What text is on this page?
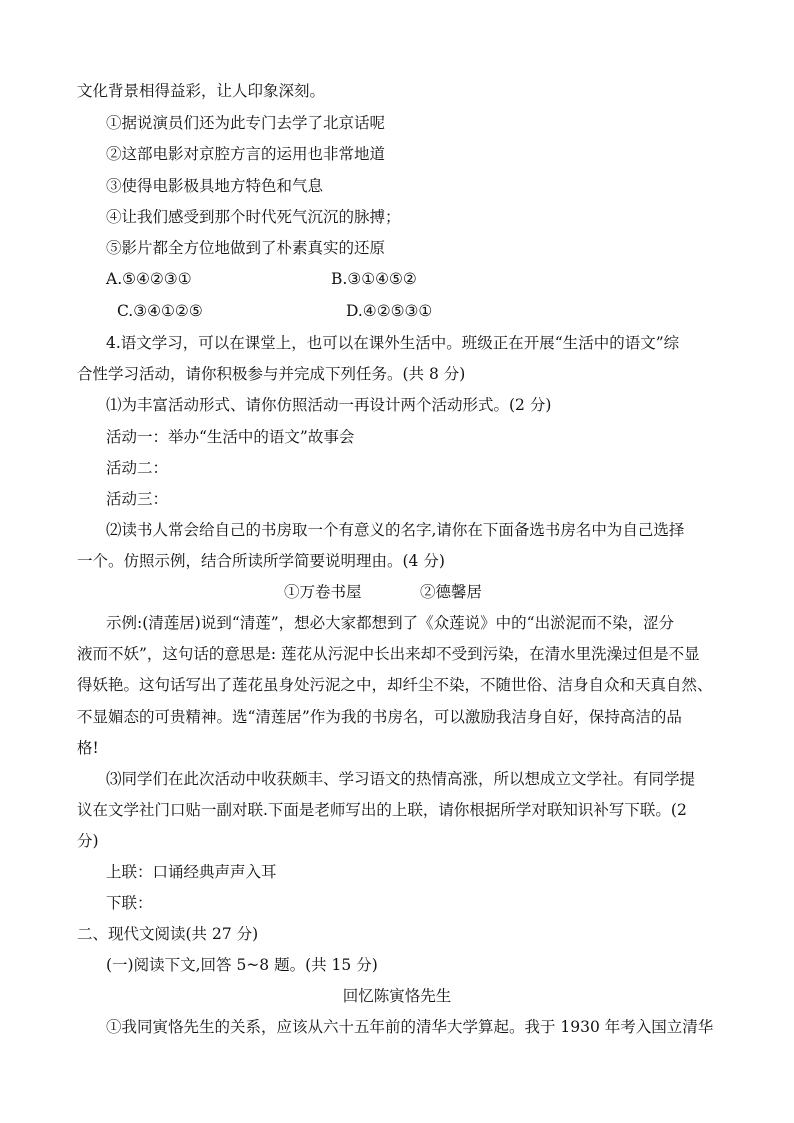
文化背景相得益彩，让人印象深刻。
①据说演员们还为此专门去学了北京话呢
②这部电影对京腔方言的运用也非常地道
③使得电影极具地方特色和气息
④让我们感受到那个时代死气沉沉的脉搏；
⑤影片都全方位地做到了朴素真实的还原
A.⑤④②③①	B.③①④⑤②
C.③④①②⑤	D.④②⑤③①
4.语文学习，可以在课堂上，也可以在课外生活中。班级正在开展“生活中的语文”综
合性学习活动，请你积极参与并完成下列任务。(共 8 分)
⑴为丰富活动形式、请你仿照活动一再设计两个活动形式。(2 分)
活动一：举办“生活中的语文”故事会
活动二：
活动三：
⑵读书人常会给自己的书房取一个有意义的名字,请你在下面备选书房名中为自己选择
一个。仿照示例，结合所读所学简要说明理由。(4 分)
①万卷书屋	②德馨居
示例:(清莲居)说到“清莲”，想必大家都想到了《众莲说》中的“出淤泥而不染，涩分
液而不妖”，这句话的意思是: 莲花从污泥中长出来却不受到污染，在清水里洗澡过但是不显
得妖艳。这句话写出了莲花虽身处污泥之中，却纤尘不染，不随世俗、洁身自众和天真自然、
不显媚态的可贵精神。选“清莲居”作为我的书房名，可以激励我洁身自好，保持高洁的品
格!
⑶同学们在此次活动中收获颇丰、学习语文的热情高涨，所以想成立文学社。有同学提
议在文学社门口贴一副对联.下面是老师写出的上联，请你根据所学对联知识补写下联。(2
分)
上联：口诵经典声声入耳
下联：
二、现代文阅读(共 27 分)
(一)阅读下文,回答 5~8 题。(共 15 分)
回忆陈寅恪先生
①我同寅恪先生的关系，应该从六十五年前的清华大学算起。我于 1930 年考入国立清华
